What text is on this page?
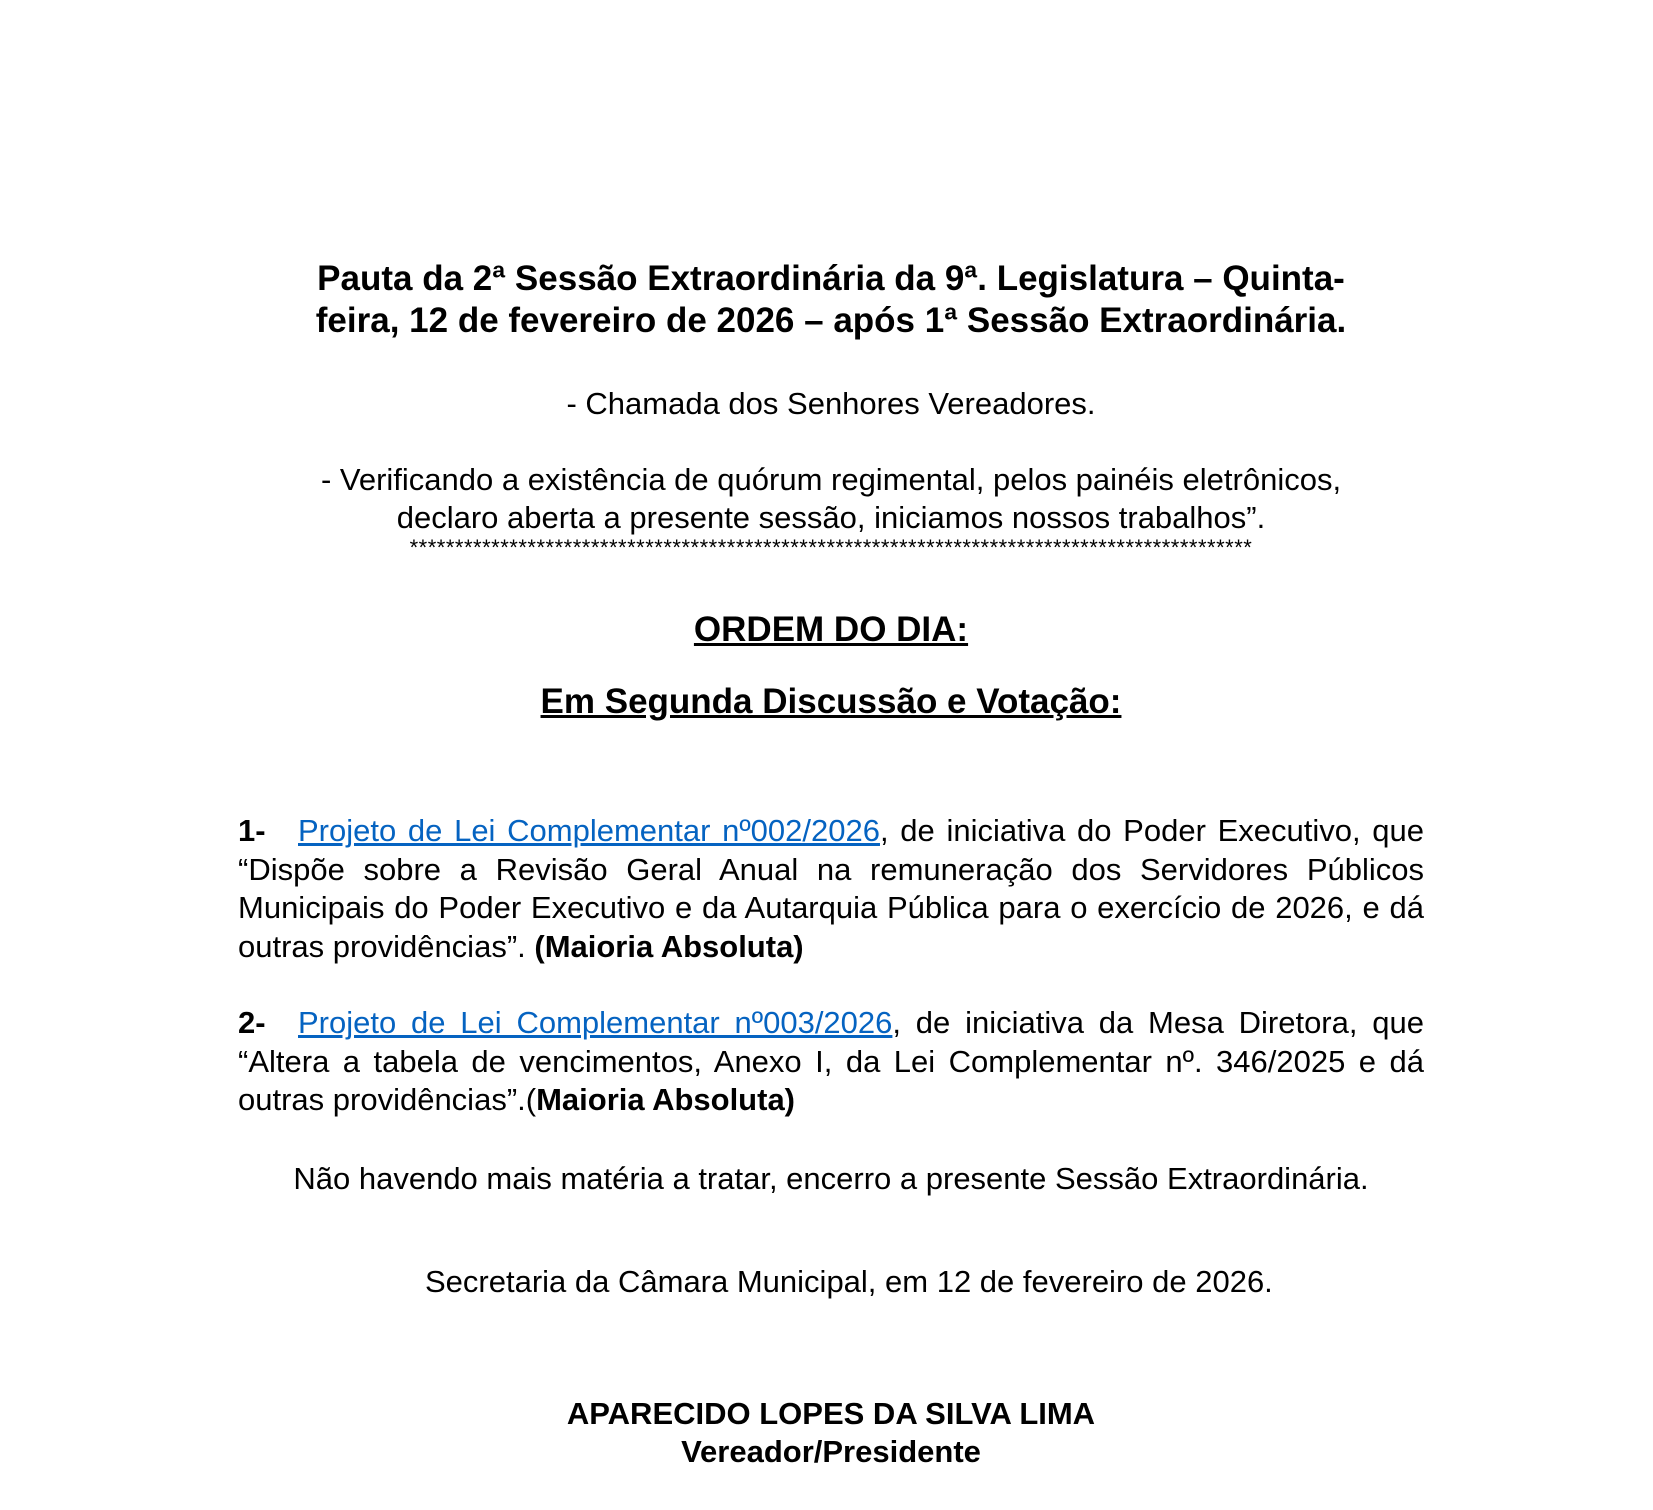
Pauta da 2ª Sessão Extraordinária da 9ª. Legislatura – Quinta-
feira, 12 de fevereiro de 2026 – após 1ª Sessão Extraordinária.
- Chamada dos Senhores Vereadores.
- Verificando a existência de quórum regimental, pelos painéis eletrônicos,
declaro aberta a presente sessão, iniciamos nossos trabalhos”.
*********************************************************************************************
ORDEM DO DIA:
Em Segunda Discussão e Votação:
1- Projeto de Lei Complementar nº002/2026, de iniciativa do Poder Executivo, que “Dispõe sobre a Revisão Geral Anual na remuneração dos Servidores Públicos Municipais do Poder Executivo e da Autarquia Pública para o exercício de 2026, e dá outras providências”. (Maioria Absoluta)
2- Projeto de Lei Complementar nº003/2026, de iniciativa da Mesa Diretora, que “Altera a tabela de vencimentos, Anexo I, da Lei Complementar nº. 346/2025 e dá outras providências”.(Maioria Absoluta)
Não havendo mais matéria a tratar, encerro a presente Sessão Extraordinária.
Secretaria da Câmara Municipal, em 12 de fevereiro de 2026.
APARECIDO LOPES DA SILVA LIMA
Vereador/Presidente
